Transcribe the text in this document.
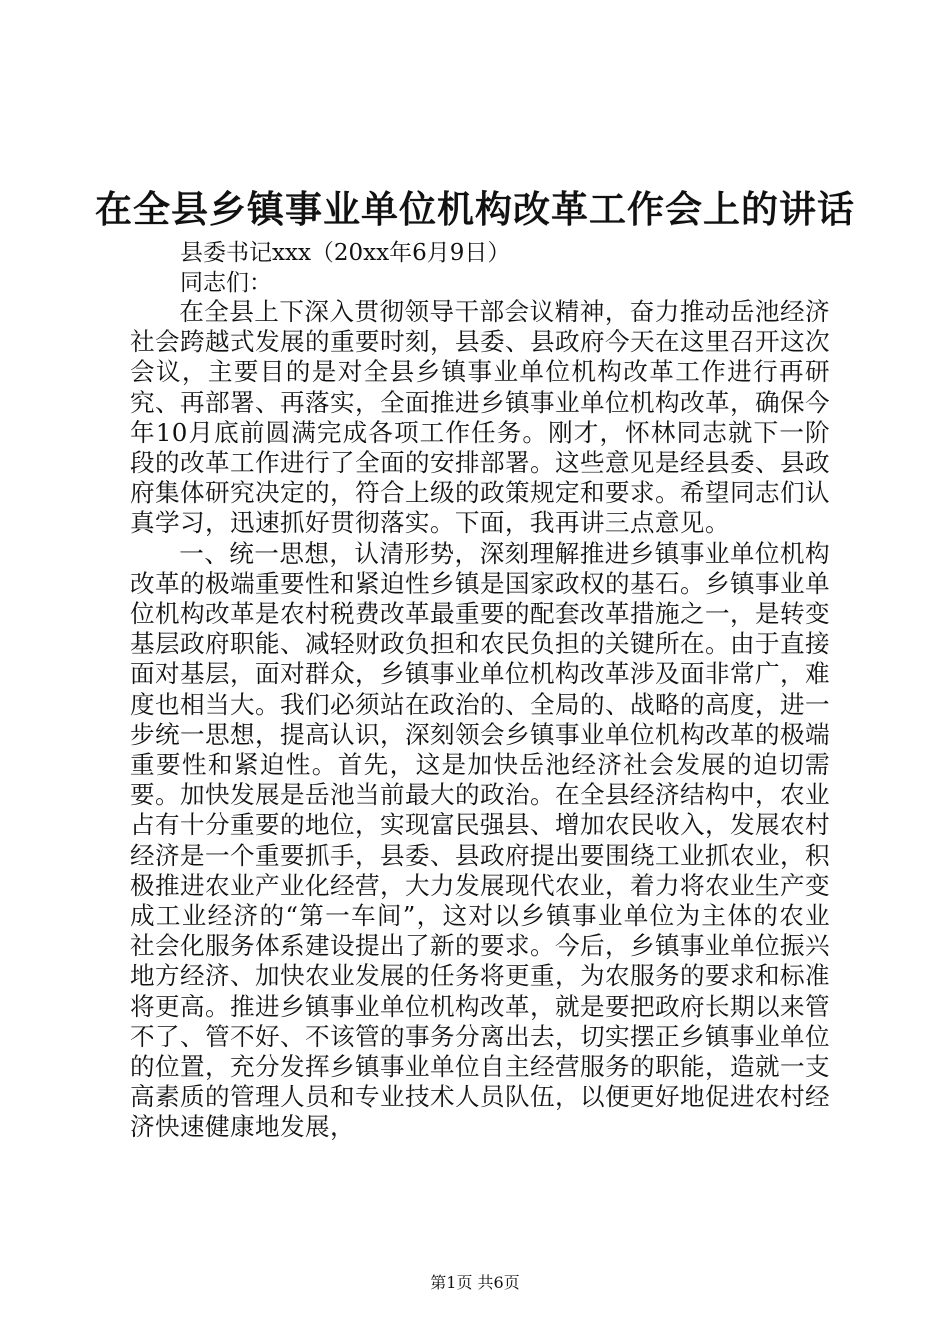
在全县乡镇事业单位机构改革工作会上的讲话

县委书记xxx（20xx年6月9日）

同志们：

在全县上下深入贯彻领导干部会议精神，奋力推动岳池经济社会跨越式发展的重要时刻，县委、县政府今天在这里召开这次会议，主要目的是对全县乡镇事业单位机构改革工作进行再研究、再部署、再落实，全面推进乡镇事业单位机构改革，确保今年10月底前圆满完成各项工作任务。刚才，怀林同志就下一阶段的改革工作进行了全面的安排部署。这些意见是经县委、县政府集体研究决定的，符合上级的政策规定和要求。希望同志们认真学习，迅速抓好贯彻落实。下面，我再讲三点意见。

一、统一思想，认清形势，深刻理解推进乡镇事业单位机构改革的极端重要性和紧迫性乡镇是国家政权的基石。乡镇事业单位机构改革是农村税费改革最重要的配套改革措施之一，是转变基层政府职能、减轻财政负担和农民负担的关键所在。由于直接面对基层，面对群众，乡镇事业单位机构改革涉及面非常广，难度也相当大。我们必须站在政治的、全局的、战略的高度，进一步统一思想，提高认识，深刻领会乡镇事业单位机构改革的极端重要性和紧迫性。首先，这是加快岳池经济社会发展的迫切需要。加快发展是岳池当前最大的政治。在全县经济结构中，农业占有十分重要的地位，实现富民强县、增加农民收入，发展农村经济是一个重要抓手，县委、县政府提出要围绕工业抓农业，积极推进农业产业化经营，大力发展现代农业，着力将农业生产变成工业经济的“第一车间”，这对以乡镇事业单位为主体的农业社会化服务体系建设提出了新的要求。今后，乡镇事业单位振兴地方经济、加快农业发展的任务将更重，为农服务的要求和标准将更高。推进乡镇事业单位机构改革，就是要把政府长期以来管不了、管不好、不该管的事务分离出去，切实摆正乡镇事业单位的位置，充分发挥乡镇事业单位自主经营服务的职能，造就一支高素质的管理人员和专业技术人员队伍，以便更好地促进农村经济快速健康地发展，

第1页 共6页
